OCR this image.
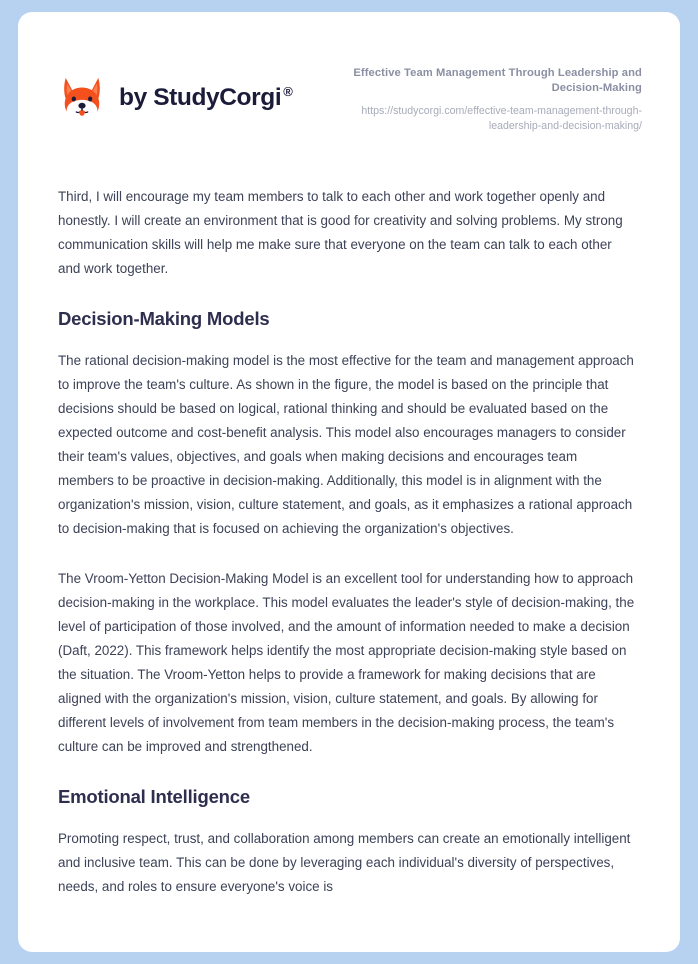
by StudyCorgi ®
Effective Team Management Through Leadership and Decision-Making
https://studycorgi.com/effective-team-management-through-leadership-and-decision-making/

Third, I will encourage my team members to talk to each other and work together openly and honestly. I will create an environment that is good for creativity and solving problems. My strong communication skills will help me make sure that everyone on the team can talk to each other and work together.

Decision-Making Models

The rational decision-making model is the most effective for the team and management approach to improve the team's culture. As shown in the figure, the model is based on the principle that decisions should be based on logical, rational thinking and should be evaluated based on the expected outcome and cost-benefit analysis. This model also encourages managers to consider their team's values, objectives, and goals when making decisions and encourages team members to be proactive in decision-making. Additionally, this model is in alignment with the organization's mission, vision, culture statement, and goals, as it emphasizes a rational approach to decision-making that is focused on achieving the organization's objectives.

The Vroom-Yetton Decision-Making Model is an excellent tool for understanding how to approach decision-making in the workplace. This model evaluates the leader's style of decision-making, the level of participation of those involved, and the amount of information needed to make a decision (Daft, 2022). This framework helps identify the most appropriate decision-making style based on the situation. The Vroom-Yetton helps to provide a framework for making decisions that are aligned with the organization's mission, vision, culture statement, and goals. By allowing for different levels of involvement from team members in the decision-making process, the team's culture can be improved and strengthened.

Emotional Intelligence

Promoting respect, trust, and collaboration among members can create an emotionally intelligent and inclusive team. This can be done by leveraging each individual's diversity of perspectives, needs, and roles to ensure everyone's voice is
